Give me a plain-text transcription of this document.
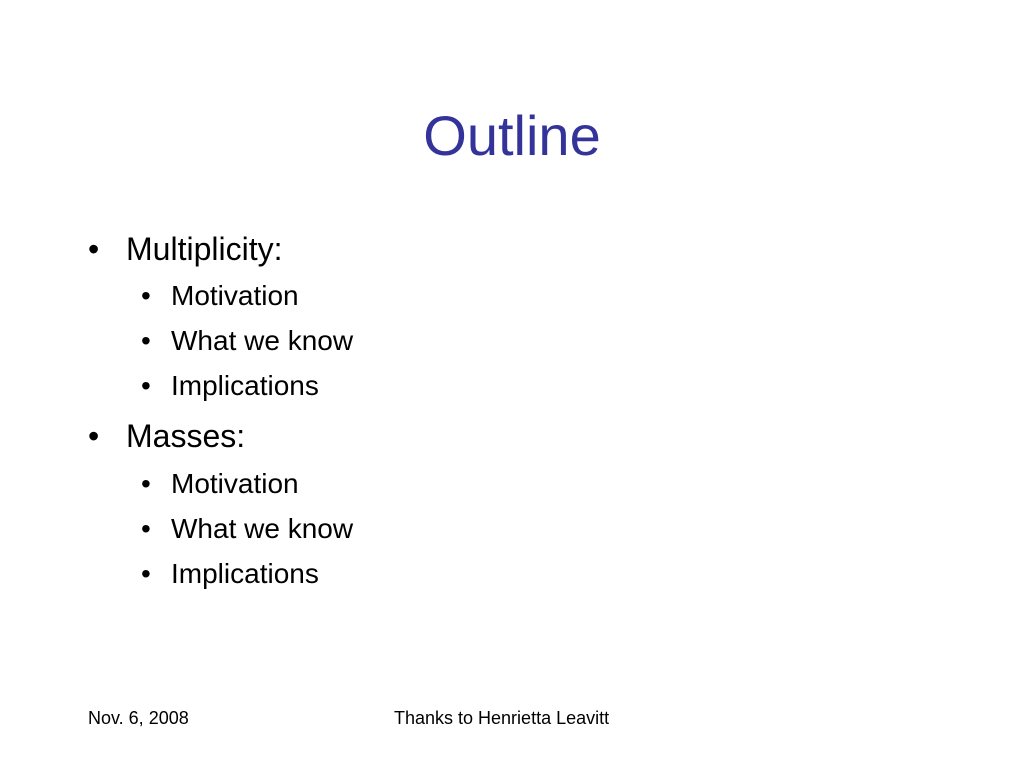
Outline
• Multiplicity:
• Motivation
• What we know
• Implications
• Masses:
• Motivation
• What we know
• Implications
Nov. 6, 2008	Thanks to Henrietta Leavitt
